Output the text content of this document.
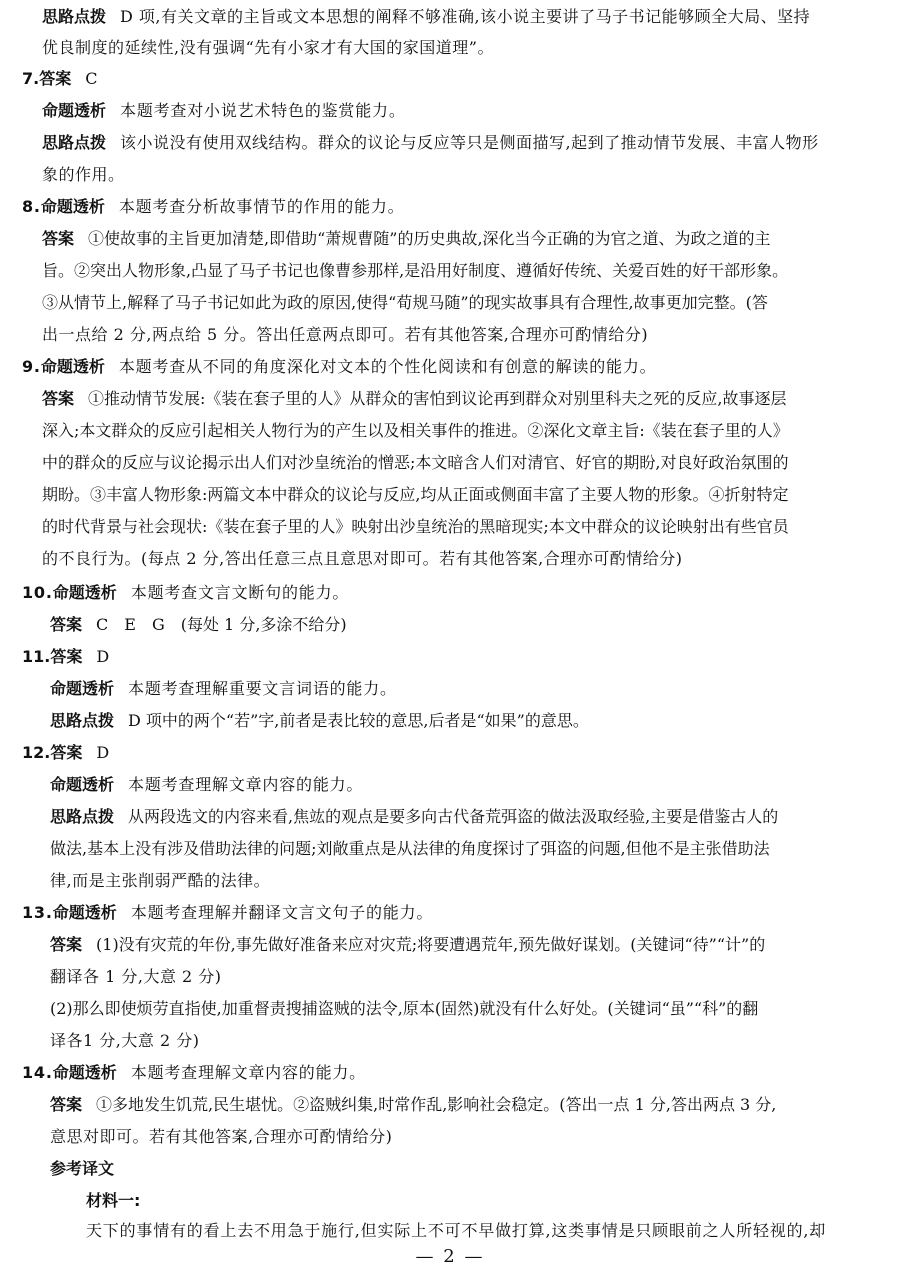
思路点拨 D 项,有关文章的主旨或文本思想的阐释不够准确,该小说主要讲了马子书记能够顾全大局、坚持
优良制度的延续性,没有强调“先有小家才有大国的家国道理”。
7.答案 C
命题透析 本题考查对小说艺术特色的鉴赏能力。
思路点拨 该小说没有使用双线结构。群众的议论与反应等只是侧面描写,起到了推动情节发展、丰富人物形
象的作用。
8.命题透析 本题考查分析故事情节的作用的能力。
答案 ①使故事的主旨更加清楚,即借助“萧规曹随”的历史典故,深化当今正确的为官之道、为政之道的主
旨。②突出人物形象,凸显了马子书记也像曹参那样,是沿用好制度、遵循好传统、关爱百姓的好干部形象。
③从情节上,解释了马子书记如此为政的原因,使得“荀规马随”的现实故事具有合理性,故事更加完整。(答
出一点给 2 分,两点给 5 分。答出任意两点即可。若有其他答案,合理亦可酌情给分)
9.命题透析 本题考查从不同的角度深化对文本的个性化阅读和有创意的解读的能力。
答案 ①推动情节发展:《装在套子里的人》从群众的害怕到议论再到群众对别里科夫之死的反应,故事逐层
深入;本文群众的反应引起相关人物行为的产生以及相关事件的推进。②深化文章主旨:《装在套子里的人》
中的群众的反应与议论揭示出人们对沙皇统治的憎恶;本文暗含人们对清官、好官的期盼,对良好政治氛围的
期盼。③丰富人物形象:两篇文本中群众的议论与反应,均从正面或侧面丰富了主要人物的形象。④折射特定
的时代背景与社会现状:《装在套子里的人》映射出沙皇统治的黑暗现实;本文中群众的议论映射出有些官员
的不良行为。(每点 2 分,答出任意三点且意思对即可。若有其他答案,合理亦可酌情给分)
10.命题透析 本题考查文言文断句的能力。
答案 C　E　G　(每处 1 分,多涂不给分)
11.答案 D
命题透析 本题考查理解重要文言词语的能力。
思路点拨 D 项中的两个“若”字,前者是表比较的意思,后者是“如果”的意思。
12.答案 D
命题透析 本题考查理解文章内容的能力。
思路点拨 从两段选文的内容来看,焦竑的观点是要多向古代备荒弭盗的做法汲取经验,主要是借鉴古人的
做法,基本上没有涉及借助法律的问题;刘敞重点是从法律的角度探讨了弭盗的问题,但他不是主张借助法
律,而是主张削弱严酷的法律。
13.命题透析 本题考查理解并翻译文言文句子的能力。
答案 (1)没有灾荒的年份,事先做好准备来应对灾荒;将要遭遇荒年,预先做好谋划。(关键词“待”“计”的
翻译各 1 分,大意 2 分)
(2)那么即使烦劳直指使,加重督责搜捕盗贼的法令,原本(固然)就没有什么好处。(关键词“虽”“科”的翻
译各1 分,大意 2 分)
14.命题透析 本题考查理解文章内容的能力。
答案 ①多地发生饥荒,民生堪忧。②盗贼纠集,时常作乱,影响社会稳定。(答出一点 1 分,答出两点 3 分,
意思对即可。若有其他答案,合理亦可酌情给分)
参考译文
材料一:
天下的事情有的看上去不用急于施行,但实际上不可不早做打算,这类事情是只顾眼前之人所轻视的,却
— 2 —
